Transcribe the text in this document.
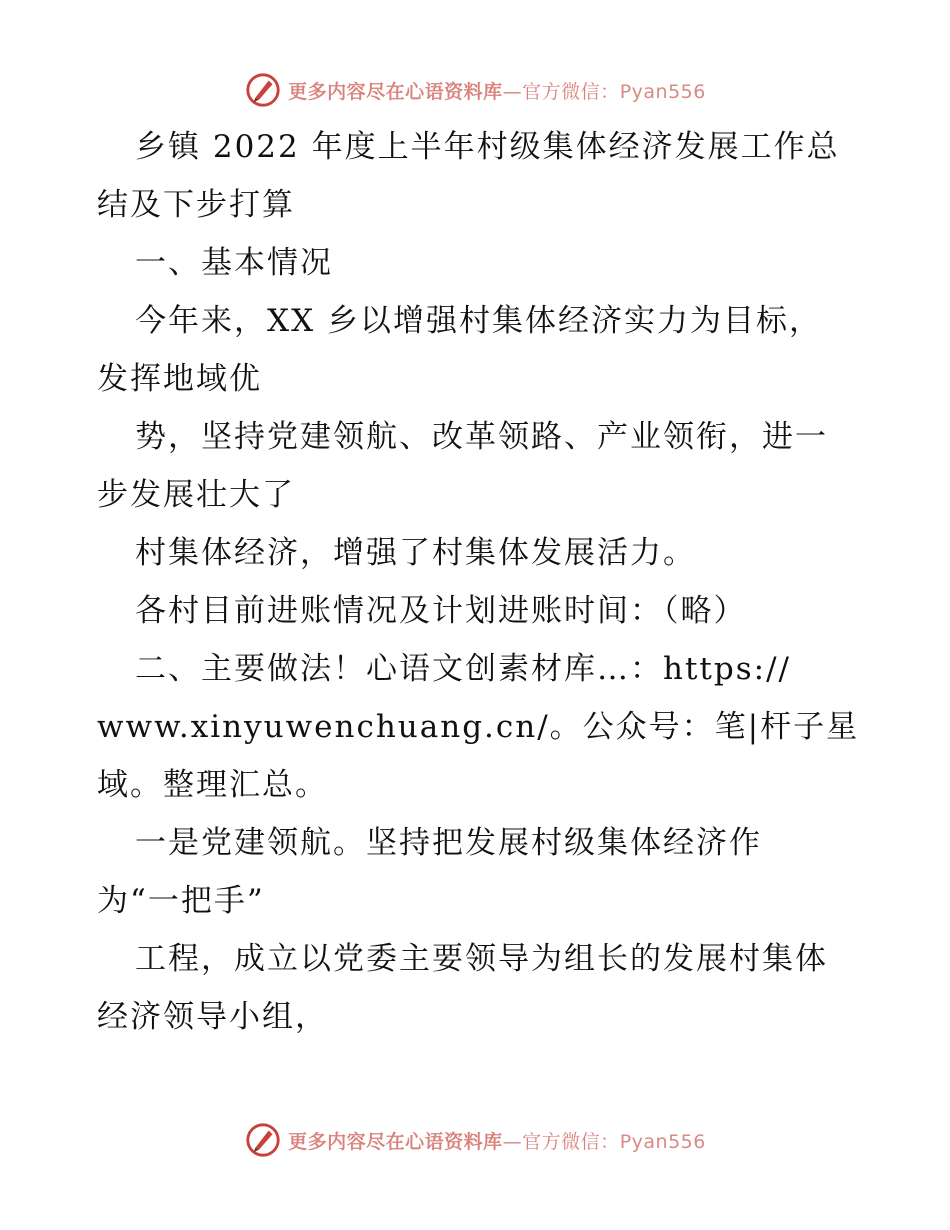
更多内容尽在心语资料库—官方微信：Pyan556
乡镇 2022 年度上半年村级集体经济发展工作总
结及下步打算
一、基本情况
今年来，XX 乡以增强村集体经济实力为目标，
发挥地域优
势，坚持党建领航、改革领路、产业领衔，进一
步发展壮大了
村集体经济，增强了村集体发展活力。
各村目前进账情况及计划进账时间：（略）
二、主要做法！心语文创素材库…：https://
www.xinyuwenchuang.cn/。公众号：笔|杆子星
域。整理汇总。
一是党建领航。坚持把发展村级集体经济作
为“一把手”
工程，成立以党委主要领导为组长的发展村集体
经济领导小组，
更多内容尽在心语资料库—官方微信：Pyan556
